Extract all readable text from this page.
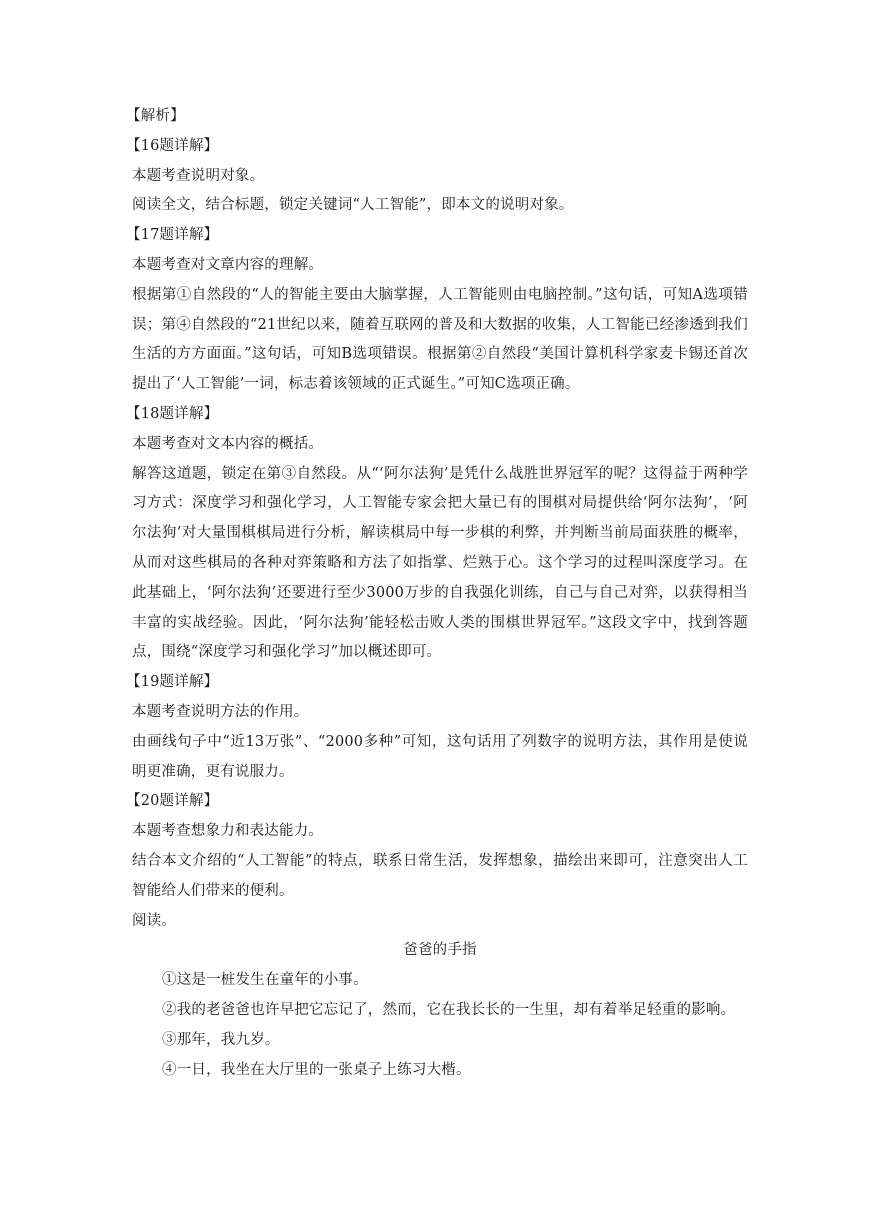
【解析】

【16题详解】

本题考查说明对象。

阅读全文，结合标题，锁定关键词“人工智能”，即本文的说明对象。

【17题详解】

本题考查对文章内容的理解。

根据第①自然段的“人的智能主要由大脑掌握，人工智能则由电脑控制。”这句话，可知A选项错误；第④自然段的“21世纪以来，随着互联网的普及和大数据的收集，人工智能已经渗透到我们生活的方方面面。”这句话，可知B选项错误。根据第②自然段“美国计算机科学家麦卡锡还首次提出了‘人工智能’一词，标志着该领域的正式诞生。”可知C选项正确。

【18题详解】

本题考查对文本内容的概括。

解答这道题，锁定在第③自然段。从“‘阿尔法狗’是凭什么战胜世界冠军的呢？这得益于两种学习方式：深度学习和强化学习，人工智能专家会把大量已有的围棋对局提供给‘阿尔法狗’，‘阿尔法狗’对大量围棋棋局进行分析，解读棋局中每一步棋的利弊，并判断当前局面获胜的概率，从而对这些棋局的各种对弈策略和方法了如指掌、烂熟于心。这个学习的过程叫深度学习。在此基础上，‘阿尔法狗’还要进行至少3000万步的自我强化训练，自己与自己对弈，以获得相当丰富的实战经验。因此，‘阿尔法狗’能轻松击败人类的围棋世界冠军。”这段文字中，找到答题点，围绕“深度学习和强化学习”加以概述即可。

【19题详解】

本题考查说明方法的作用。

由画线句子中“近13万张”、“2000多种”可知，这句话用了列数字的说明方法，其作用是使说明更准确，更有说服力。

【20题详解】

本题考查想象力和表达能力。

结合本文介绍的“人工智能”的特点，联系日常生活，发挥想象，描绘出来即可，注意突出人工智能给人们带来的便利。

阅读。

爸爸的手指

①这是一桩发生在童年的小事。

②我的老爸爸也许早把它忘记了，然而，它在我长长的一生里，却有着举足轻重的影响。

③那年，我九岁。

④一日，我坐在大厅里的一张桌子上练习大楷。
